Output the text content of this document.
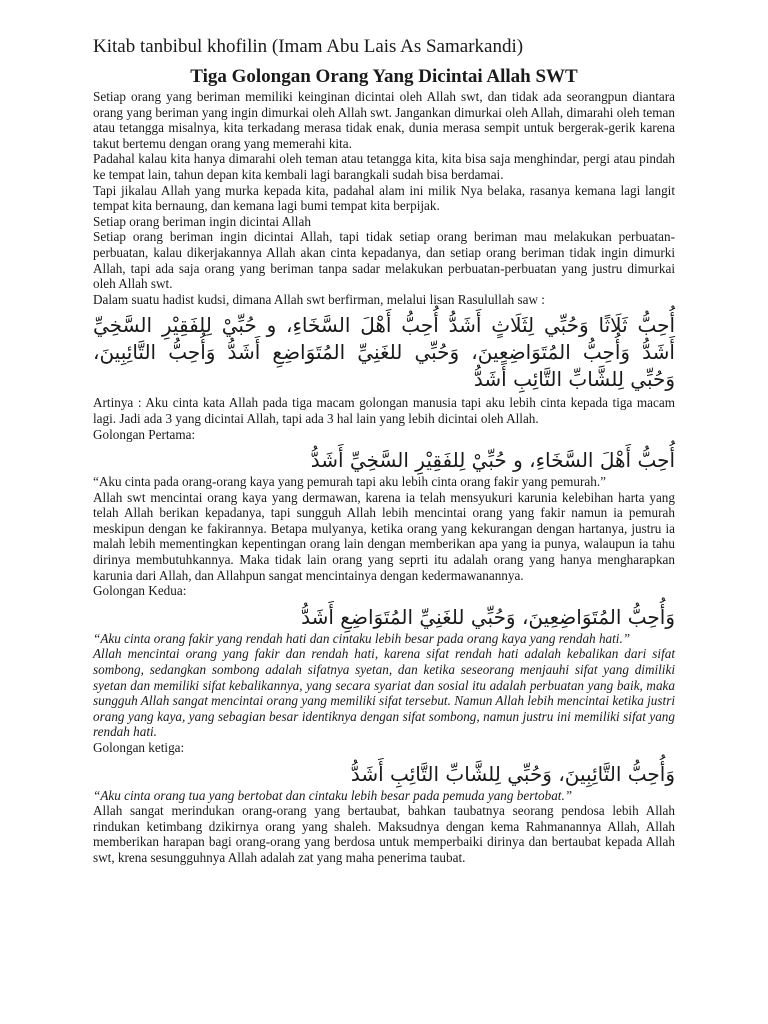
Kitab tanbibul khofilin (Imam Abu Lais As Samarkandi)
Tiga Golongan Orang Yang Dicintai Allah SWT

Setiap orang yang beriman memiliki keinginan dicintai oleh Allah swt, dan tidak ada seorangpun diantara orang yang beriman yang ingin dimurkai oleh Allah swt. Jangankan dimurkai oleh Allah, dimarahi oleh teman atau tetangga misalnya, kita terkadang merasa tidak enak, dunia merasa sempit untuk bergerak-gerik karena takut bertemu dengan orang yang memerahi kita.

Padahal kalau kita hanya dimarahi oleh teman atau tetangga kita, kita bisa saja menghindar, pergi atau pindah ke tempat lain, tahun depan kita kembali lagi barangkali sudah bisa berdamai.

Tapi jikalau Allah yang murka kepada kita, padahal alam ini milik Nya belaka, rasanya kemana lagi langit tempat kita bernaung, dan kemana lagi bumi tempat kita berpijak.

Setiap orang beriman ingin dicintai Allah

Setiap orang beriman ingin dicintai Allah, tapi tidak setiap orang beriman mau melakukan perbuatan-perbuatan, kalau dikerjakannya Allah akan cinta kepadanya, dan setiap orang beriman tidak ingin dimurki Allah, tapi ada saja orang yang beriman tanpa sadar melakukan perbuatan-perbuatan yang justru dimurkai oleh Allah swt.

Dalam suatu hadist kudsi, dimana Allah swt berfirman, melalui lisan Rasulullah saw :

أُحِبُّ ثَلَاثًا وَحُبِّي لِثَلَاثٍ أَشَدُّ أُحِبُّ أَهْلَ السَّخَاءِ، و حُبِّيْ لِلفَقِيْرِ السَّخِيِّ أَشَدُّ وَأُحِبُّ المُتَوَاضِعِينَ، وَحُبِّي للغَنِيِّ المُتَوَاضِعِ أَشَدُّ وَأُحِبُّ التَّائِبِينَ، وَحُبِّي لِلشَّابِّ التَّائِبِ أَشَدُّ

Artinya : Aku cinta kata Allah pada tiga macam golongan manusia tapi aku lebih cinta kepada tiga macam lagi. Jadi ada 3 yang dicintai Allah, tapi ada 3 hal lain yang lebih dicintai oleh Allah.

Golongan Pertama:

أُحِبُّ أَهْلَ السَّخَاءِ، و حُبِّيْ لِلفَقِيْرِ السَّخِيِّ أَشَدُّ

“Aku cinta pada orang-orang kaya yang pemurah tapi aku lebih cinta orang fakir yang pemurah.”

Allah swt mencintai orang kaya yang dermawan, karena ia telah mensyukuri karunia kelebihan harta yang telah Allah berikan kepadanya, tapi sungguh Allah lebih mencintai orang yang fakir namun ia pemurah meskipun dengan ke fakirannya. Betapa mulyanya, ketika orang yang kekurangan dengan hartanya, justru ia malah lebih mementingkan kepentingan orang lain dengan memberikan apa yang ia punya, walaupun ia tahu dirinya membutuhkannya. Maka tidak lain orang yang seprti itu adalah orang yang hanya mengharapkan karunia dari Allah, dan Allahpun sangat mencintainya dengan kedermawanannya.

Golongan Kedua:

وَأُحِبُّ المُتَوَاضِعِينَ، وَحُبِّي للغَنِيِّ المُتَوَاضِعِ أَشَدُّ

“Aku cinta orang fakir yang rendah hati dan cintaku lebih besar pada orang kaya yang rendah hati.”

Allah mencintai orang yang fakir dan rendah hati, karena sifat rendah hati adalah kebalikan dari sifat sombong, sedangkan sombong adalah sifatnya syetan, dan ketika seseorang menjauhi sifat yang dimiliki syetan dan memiliki sifat kebalikannya, yang secara syariat dan sosial itu adalah perbuatan yang baik, maka sungguh Allah sangat mencintai orang yang memiliki sifat tersebut. Namun Allah lebih mencintai ketika justri orang yang kaya, yang sebagian besar identiknya dengan sifat sombong, namun justru ini memiliki sifat yang rendah hati.

Golongan ketiga:

وَأُحِبُّ التَّائِبِينَ، وَحُبِّي لِلشَّابِّ التَّائِبِ أَشَدُّ

“Aku cinta orang tua yang bertobat dan cintaku lebih besar pada pemuda yang bertobat.”

Allah sangat merindukan orang-orang yang bertaubat, bahkan taubatnya seorang pendosa lebih Allah rindukan ketimbang dzikirnya orang yang shaleh. Maksudnya dengan kema Rahmanannya Allah, Allah memberikan harapan bagi orang-orang yang berdosa untuk memperbaiki dirinya dan bertaubat kepada Allah swt, krena sesungguhnya Allah adalah zat yang maha penerima taubat.
